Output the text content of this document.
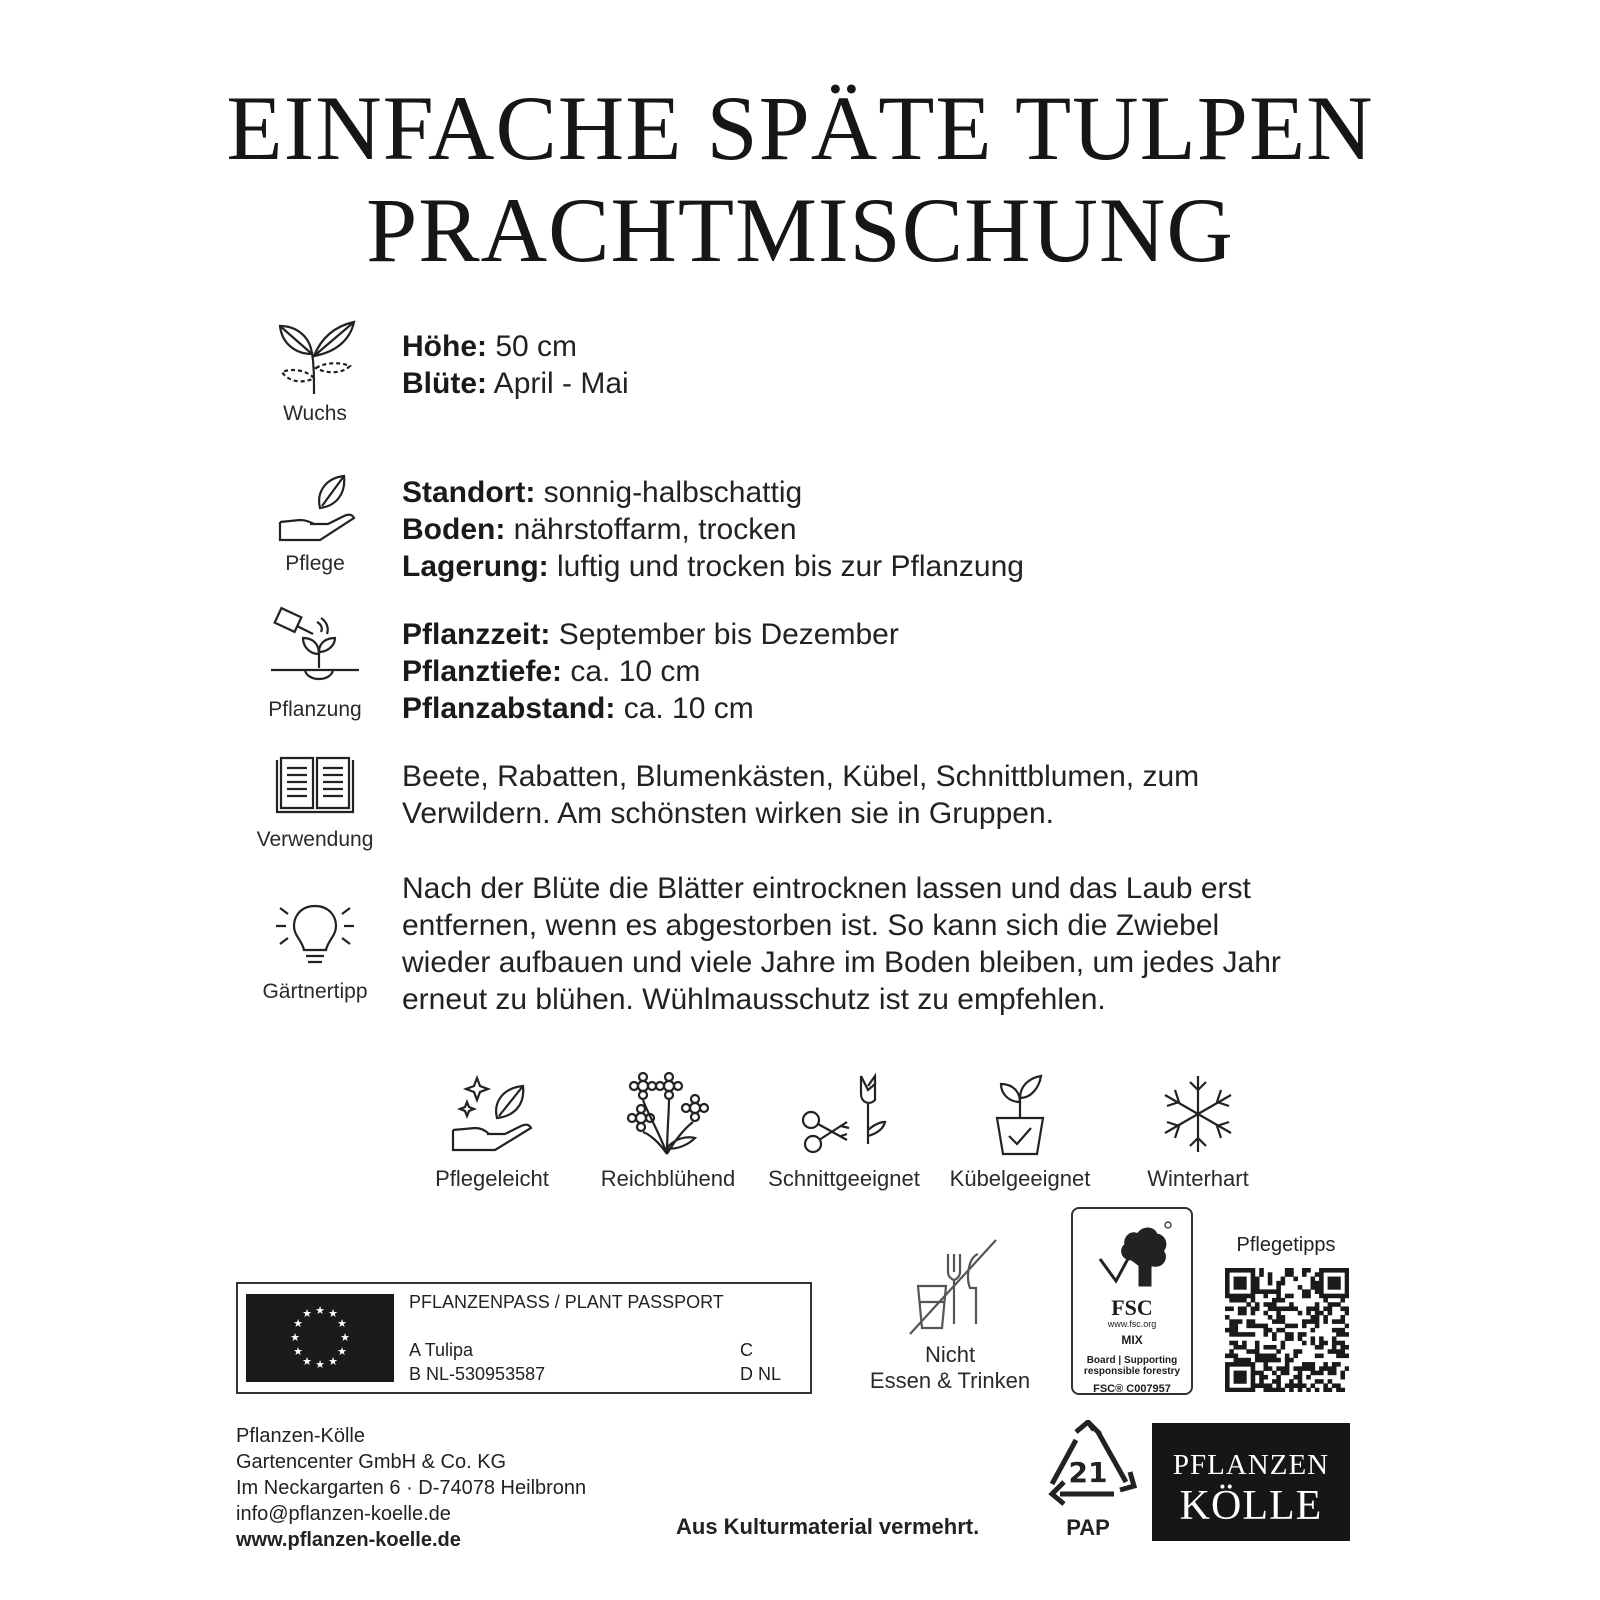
EINFACHE SPÄTE TULPEN
PRACHTMISCHUNG
Wuchs
Höhe: 50 cm
Blüte: April - Mai
Pflege
Standort: sonnig-halbschattig
Boden: nährstoffarm, trocken
Lagerung: luftig und trocken bis zur Pflanzung
Pflanzung
Pflanzzeit: September bis Dezember
Pflanztiefe: ca. 10 cm
Pflanzabstand: ca. 10 cm
Verwendung
Beete, Rabatten, Blumenkästen, Kübel, Schnittblumen, zum
Verwildern. Am schönsten wirken sie in Gruppen.
Gärtnertipp
Nach der Blüte die Blätter eintrocknen lassen und das Laub erst
entfernen, wenn es abgestorben ist. So kann sich die Zwiebel
wieder aufbauen und viele Jahre im Boden bleiben, um jedes Jahr
erneut zu blühen. Wühlmausschutz ist zu empfehlen.
Pflegeleicht	Reichblühend	Schnittgeeignet	Kübelgeeignet	Winterhart
★ ★
★
★
★
★
★
★
★
★
★
★
PFLANZENPASS / PLANT PASSPORT
A Tulipa
B NL-530953587
C
D NL
Pflanzen-Kölle
Gartencenter GmbH & Co. KG
Im Neckargarten 6 · D-74078 Heilbronn
info@pflanzen-koelle.de
www.pflanzen-koelle.de
Nicht
Essen & Trinken
FSC
www.fsc.org
MIX
Board | Supporting
responsible forestry
FSC® C007957
Pflegetipps
21
PAP
Aus Kulturmaterial vermehrt.
PFLANZEN
KÖLLE
